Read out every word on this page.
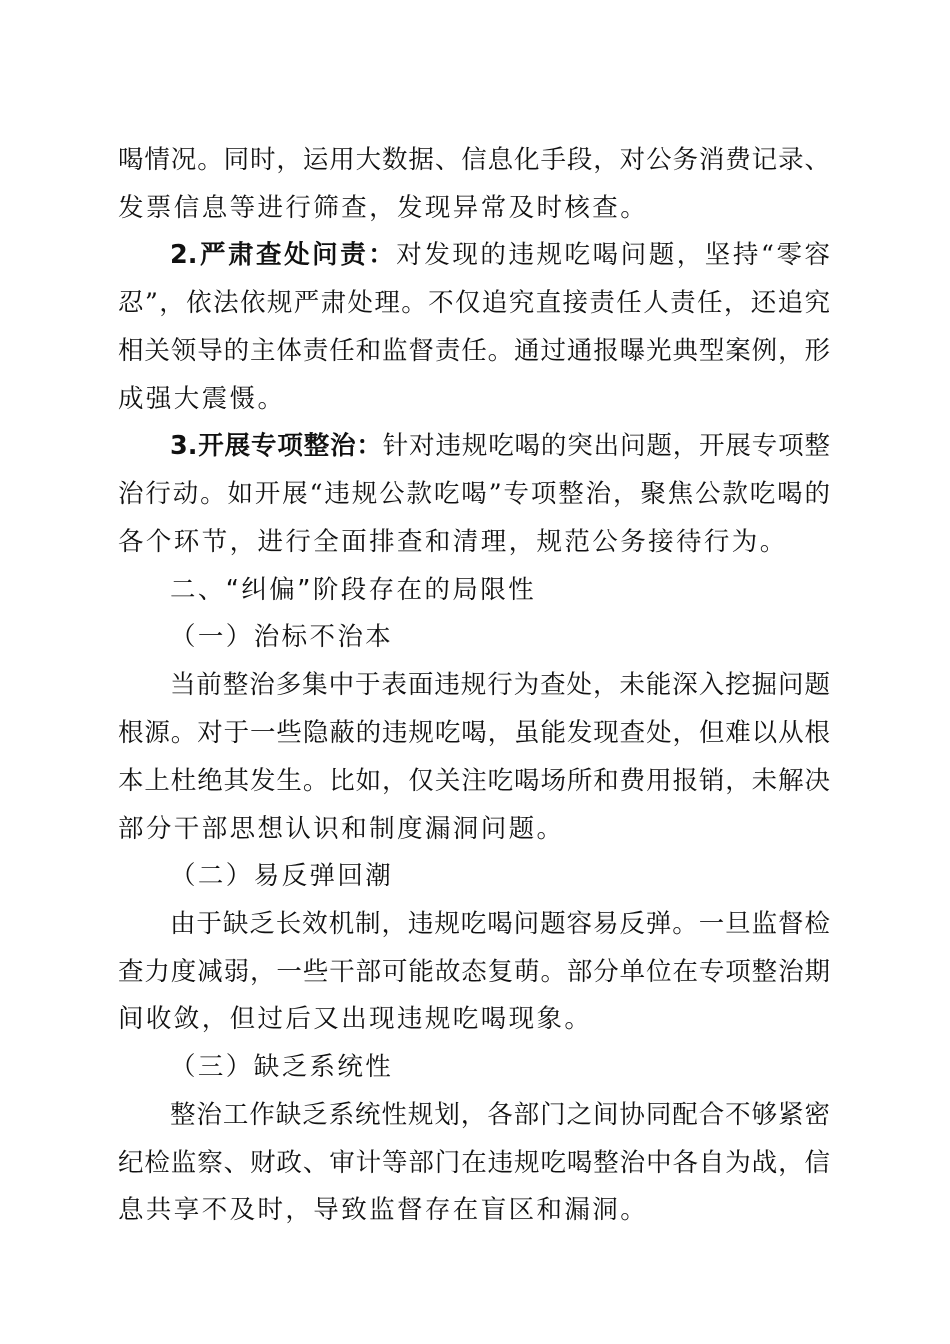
喝情况。同时，运用大数据、信息化手段，对公务消费记录、
发票信息等进行筛查，发现异常及时核查。
2.严肃查处问责：对发现的违规吃喝问题，坚持“零容
忍”，依法依规严肃处理。不仅追究直接责任人责任，还追究
相关领导的主体责任和监督责任。通过通报曝光典型案例，形
成强大震慑。
3.开展专项整治：针对违规吃喝的突出问题，开展专项整
治行动。如开展“违规公款吃喝”专项整治，聚焦公款吃喝的
各个环节，进行全面排查和清理，规范公务接待行为。
二、“纠偏”阶段存在的局限性
（一）治标不治本
当前整治多集中于表面违规行为查处，未能深入挖掘问题
根源。对于一些隐蔽的违规吃喝，虽能发现查处，但难以从根
本上杜绝其发生。比如，仅关注吃喝场所和费用报销，未解决
部分干部思想认识和制度漏洞问题。
（二）易反弹回潮
由于缺乏长效机制，违规吃喝问题容易反弹。一旦监督检
查力度减弱，一些干部可能故态复萌。部分单位在专项整治期
间收敛，但过后又出现违规吃喝现象。
（三）缺乏系统性
整治工作缺乏系统性规划，各部门之间协同配合不够紧密
纪检监察、财政、审计等部门在违规吃喝整治中各自为战，信
息共享不及时，导致监督存在盲区和漏洞。
